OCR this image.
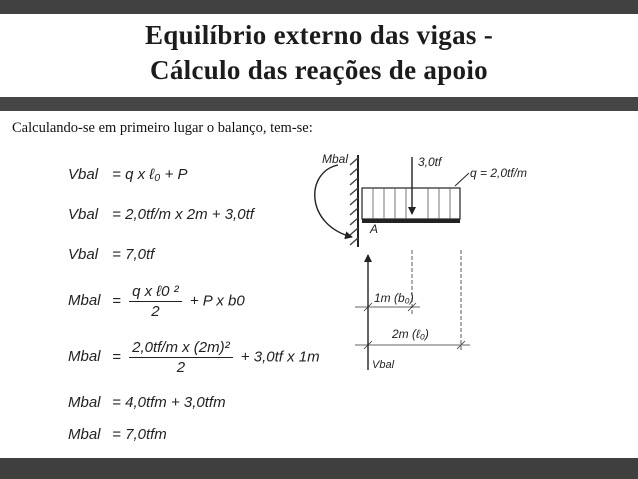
Equilíbrio externo das vigas -
Cálculo das reações de apoio
Calculando-se em primeiro lugar o balanço, tem-se:
Vbal = q x ℓ₀ + P
Vbal = 2,0tf/m x 2m + 3,0tf
Vbal = 7,0tf
Mbal = $\frac{\text{q x ℓ0 ²}}{2} + P$ x b0
Mbal = $\frac{\text{2,0tf/m x (2m)²}}{2} + 3,0tf$ x 1m
Mbal = 4,0tfm + 3,0tfm
Mbal = 7,0tfm
Mbal	3,0tf
q = 2,0tf/m
A
Vbal
1m (b₀)
2m (ℓ₀)
